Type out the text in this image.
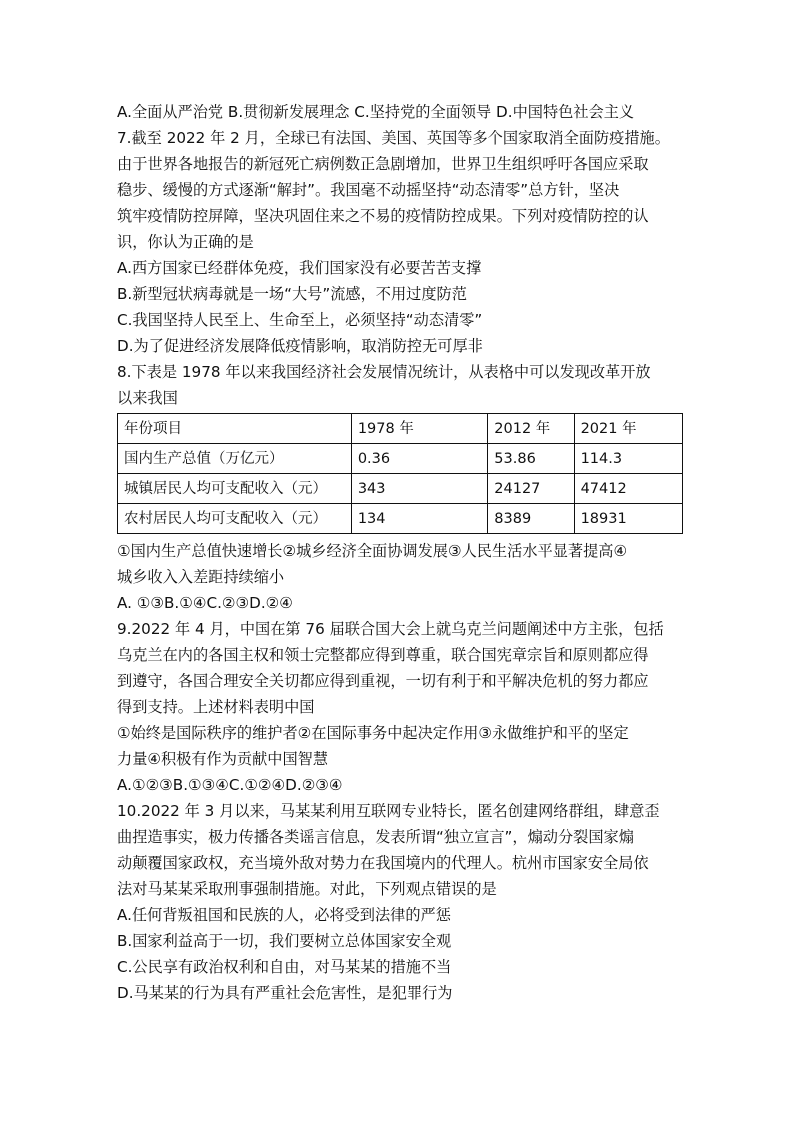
A.全面从严治党 B.贯彻新发展理念 C.坚持党的全面领导 D.中国特色社会主义
7.截至 2022 年 2 月，全球已有法国、美国、英国等多个国家取消全面防疫措施。
由于世界各地报告的新冠死亡病例数正急剧增加，世界卫生组织呼吁各国应采取
稳步、缓慢的方式逐渐“解封”。我国毫不动摇坚持“动态清零”总方针，坚决
筑牢疫情防控屏障，坚决巩固住来之不易的疫情防控成果。下列对疫情防控的认
识，你认为正确的是
A.西方国家已经群体免疫，我们国家没有必要苦苦支撑
B.新型冠状病毒就是一场“大号”流感，不用过度防范
C.我国坚持人民至上、生命至上，必须坚持“动态清零”
D.为了促进经济发展降低疫情影响，取消防控无可厚非
8.下表是 1978 年以来我国经济社会发展情况统计，从表格中可以发现改革开放
以来我国
年份项目	1978 年	2012 年	2021 年
国内生产总值（万亿元）	0.36	53.86	114.3
城镇居民人均可支配收入（元）	343	24127	47412
农村居民人均可支配收入（元）	134	8389	18931
①国内生产总值快速增长②城乡经济全面协调发展③人民生活水平显著提高④
城乡收入入差距持续缩小
A. ①③B.①④C.②③D.②④
9.2022 年 4 月，中国在第 76 届联合国大会上就乌克兰问题阐述中方主张，包括
乌克兰在内的各国主权和领士完整都应得到尊重，联合国宪章宗旨和原则都应得
到遵守，各国合理安全关切都应得到重视，一切有利于和平解决危机的努力都应
得到支持。上述材料表明中国
①始终是国际秩序的维护者②在国际事务中起决定作用③永做维护和平的坚定
力量④积极有作为贡献中国智慧
A.①②③B.①③④C.①②④D.②③④
10.2022 年 3 月以来，马某某利用互联网专业特长，匿名创建网络群组，肆意歪
曲捏造事实，极力传播各类谣言信息，发表所谓“独立宣言”，煽动分裂国家煽
动颠覆国家政权，充当境外敌对势力在我国境内的代理人。杭州市国家安全局依
法对马某某采取刑事强制措施。对此，下列观点错误的是
A.任何背叛祖国和民族的人，必将受到法律的严惩
B.国家利益高于一切，我们要树立总体国家安全观
C.公民享有政治权利和自由，对马某某的措施不当
D.马某某的行为具有严重社会危害性，是犯罪行为
